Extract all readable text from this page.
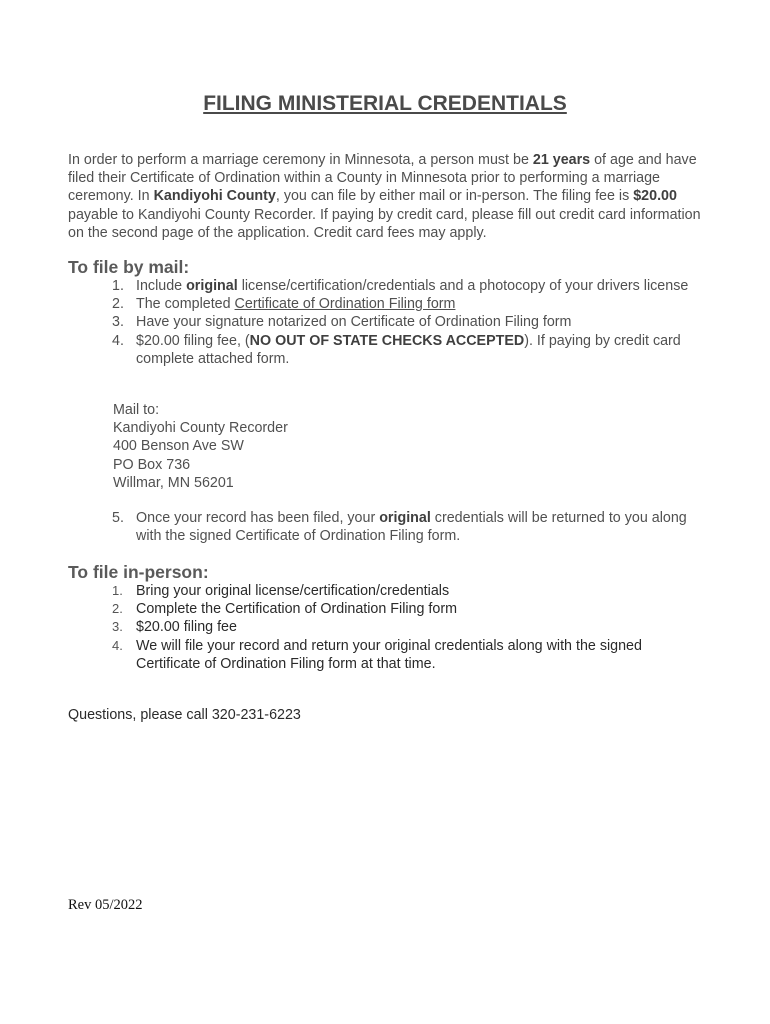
FILING MINISTERIAL CREDENTIALS

In order to perform a marriage ceremony in Minnesota, a person must be 21 years of age and have filed their Certificate of Ordination within a County in Minnesota prior to performing a marriage ceremony. In Kandiyohi County, you can file by either mail or in-person. The filing fee is $20.00 payable to Kandiyohi County Recorder. If paying by credit card, please fill out credit card information on the second page of the application. Credit card fees may apply.

To file by mail:
1. Include original license/certification/credentials and a photocopy of your drivers license
2. The completed Certificate of Ordination Filing form
3. Have your signature notarized on Certificate of Ordination Filing form
4. $20.00 filing fee, (NO OUT OF STATE CHECKS ACCEPTED). If paying by credit card complete attached form.
Mail to:
Kandiyohi County Recorder
400 Benson Ave SW
PO Box 736
Willmar, MN 56201
5. Once your record has been filed, your original credentials will be returned to you along with the signed Certificate of Ordination Filing form.
To file in-person:
1. Bring your original license/certification/credentials
2. Complete the Certification of Ordination Filing form
3. $20.00 filing fee
4. We will file your record and return your original credentials along with the signed Certificate of Ordination Filing form at that time.
Questions, please call 320-231-6223
Rev 05/2022
